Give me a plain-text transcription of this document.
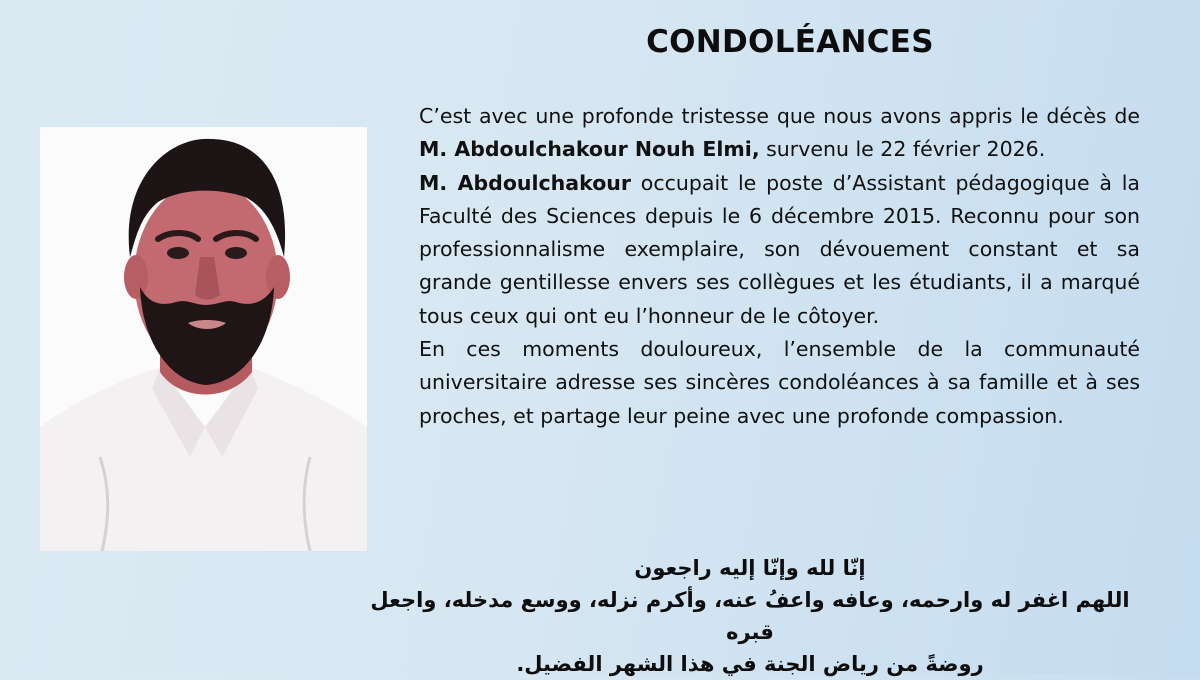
CONDOLÉANCES

C’est avec une profonde tristesse que nous avons appris le décès de M. Abdoulchakour Nouh Elmi, survenu le 22 février 2026.

M. Abdoulchakour occupait le poste d’Assistant pédagogique à la Faculté des Sciences depuis le 6 décembre 2015. Reconnu pour son professionnalisme exemplaire, son dévouement constant et sa grande gentillesse envers ses collègues et les étudiants, il a marqué tous ceux qui ont eu l’honneur de le côtoyer.

En ces moments douloureux, l’ensemble de la communauté universitaire adresse ses sincères condoléances à sa famille et à ses proches, et partage leur peine avec une profonde compassion.

إنّا لله وإنّا إليه راجعون
اللهم اغفر له وارحمه، وعافه واعفُ عنه، وأكرم نزله، ووسع مدخله، واجعل قبره
روضةً من رياض الجنة في هذا الشهر الفضيل.
